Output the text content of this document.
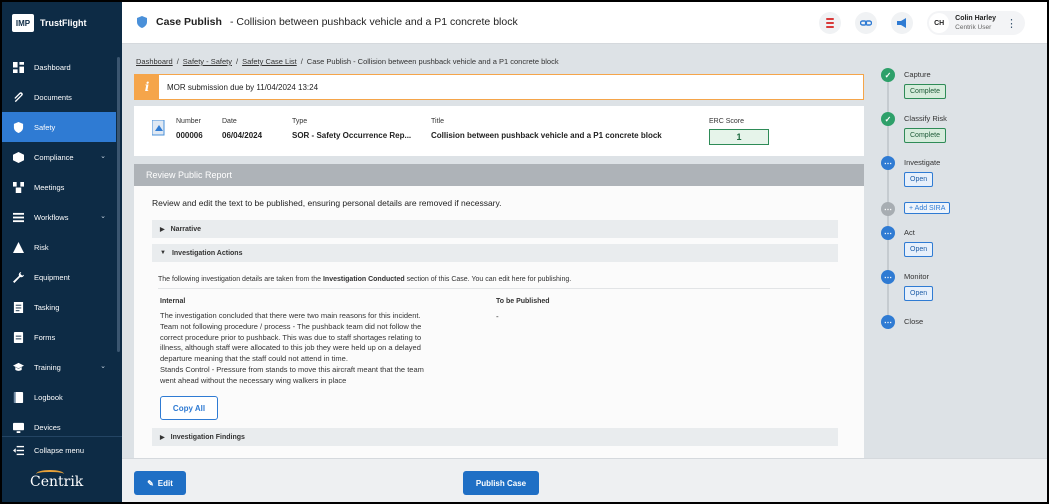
IMP	TrustFlight
Dashboard
Documents
Safety
Compliance	⌄
Meetings
Workflows	⌄
Risk
Equipment
Tasking
Forms
Training	⌄
Logbook
Devices
Collapse menu
Centrik
Case Publish - Collision between pushback vehicle and a P1 concrete block	CH
Colin Harley
Centrik User	⋮
Dashboard / Safety - Safety / Safety Case List / Case Publish - Collision between pushback vehicle and a P1 concrete block
i	MOR submission due by 11/04/2024 13:24
Number
000006
Date
06/04/2024
Type
SOR - Safety Occurrence Rep...
Title
Collision between pushback vehicle and a P1 concrete block
ERC Score
1
Review Public Report
Review and edit the text to be published, ensuring personal details are removed if necessary.
▶ Narrative
▼ Investigation Actions
The following investigation details are taken from the Investigation Conducted section of this Case. You can edit here for publishing.
Internal	To be Published
The investigation concluded that there were two main reasons for this incident.
Team not following procedure / process - The pushback team did not follow the
correct procedure prior to pushback. This was due to staff shortages relating to
illness, although staff were allocated to this job they were held up on a delayed
departure meaning that the staff could not attend in time.
Stands Control - Pressure from stands to move this aircraft meant that the team
went ahead without the necessary wing walkers in place
-
Copy All
▶ Investigation Findings
✓	Capture
Complete
✓	Classify Risk
Complete
⋯	Investigate
Open
⋯	+ Add SIRA
⋯	Act
Open
⋯	Monitor
Open
⋯	Close
✎ Edit	Publish Case
